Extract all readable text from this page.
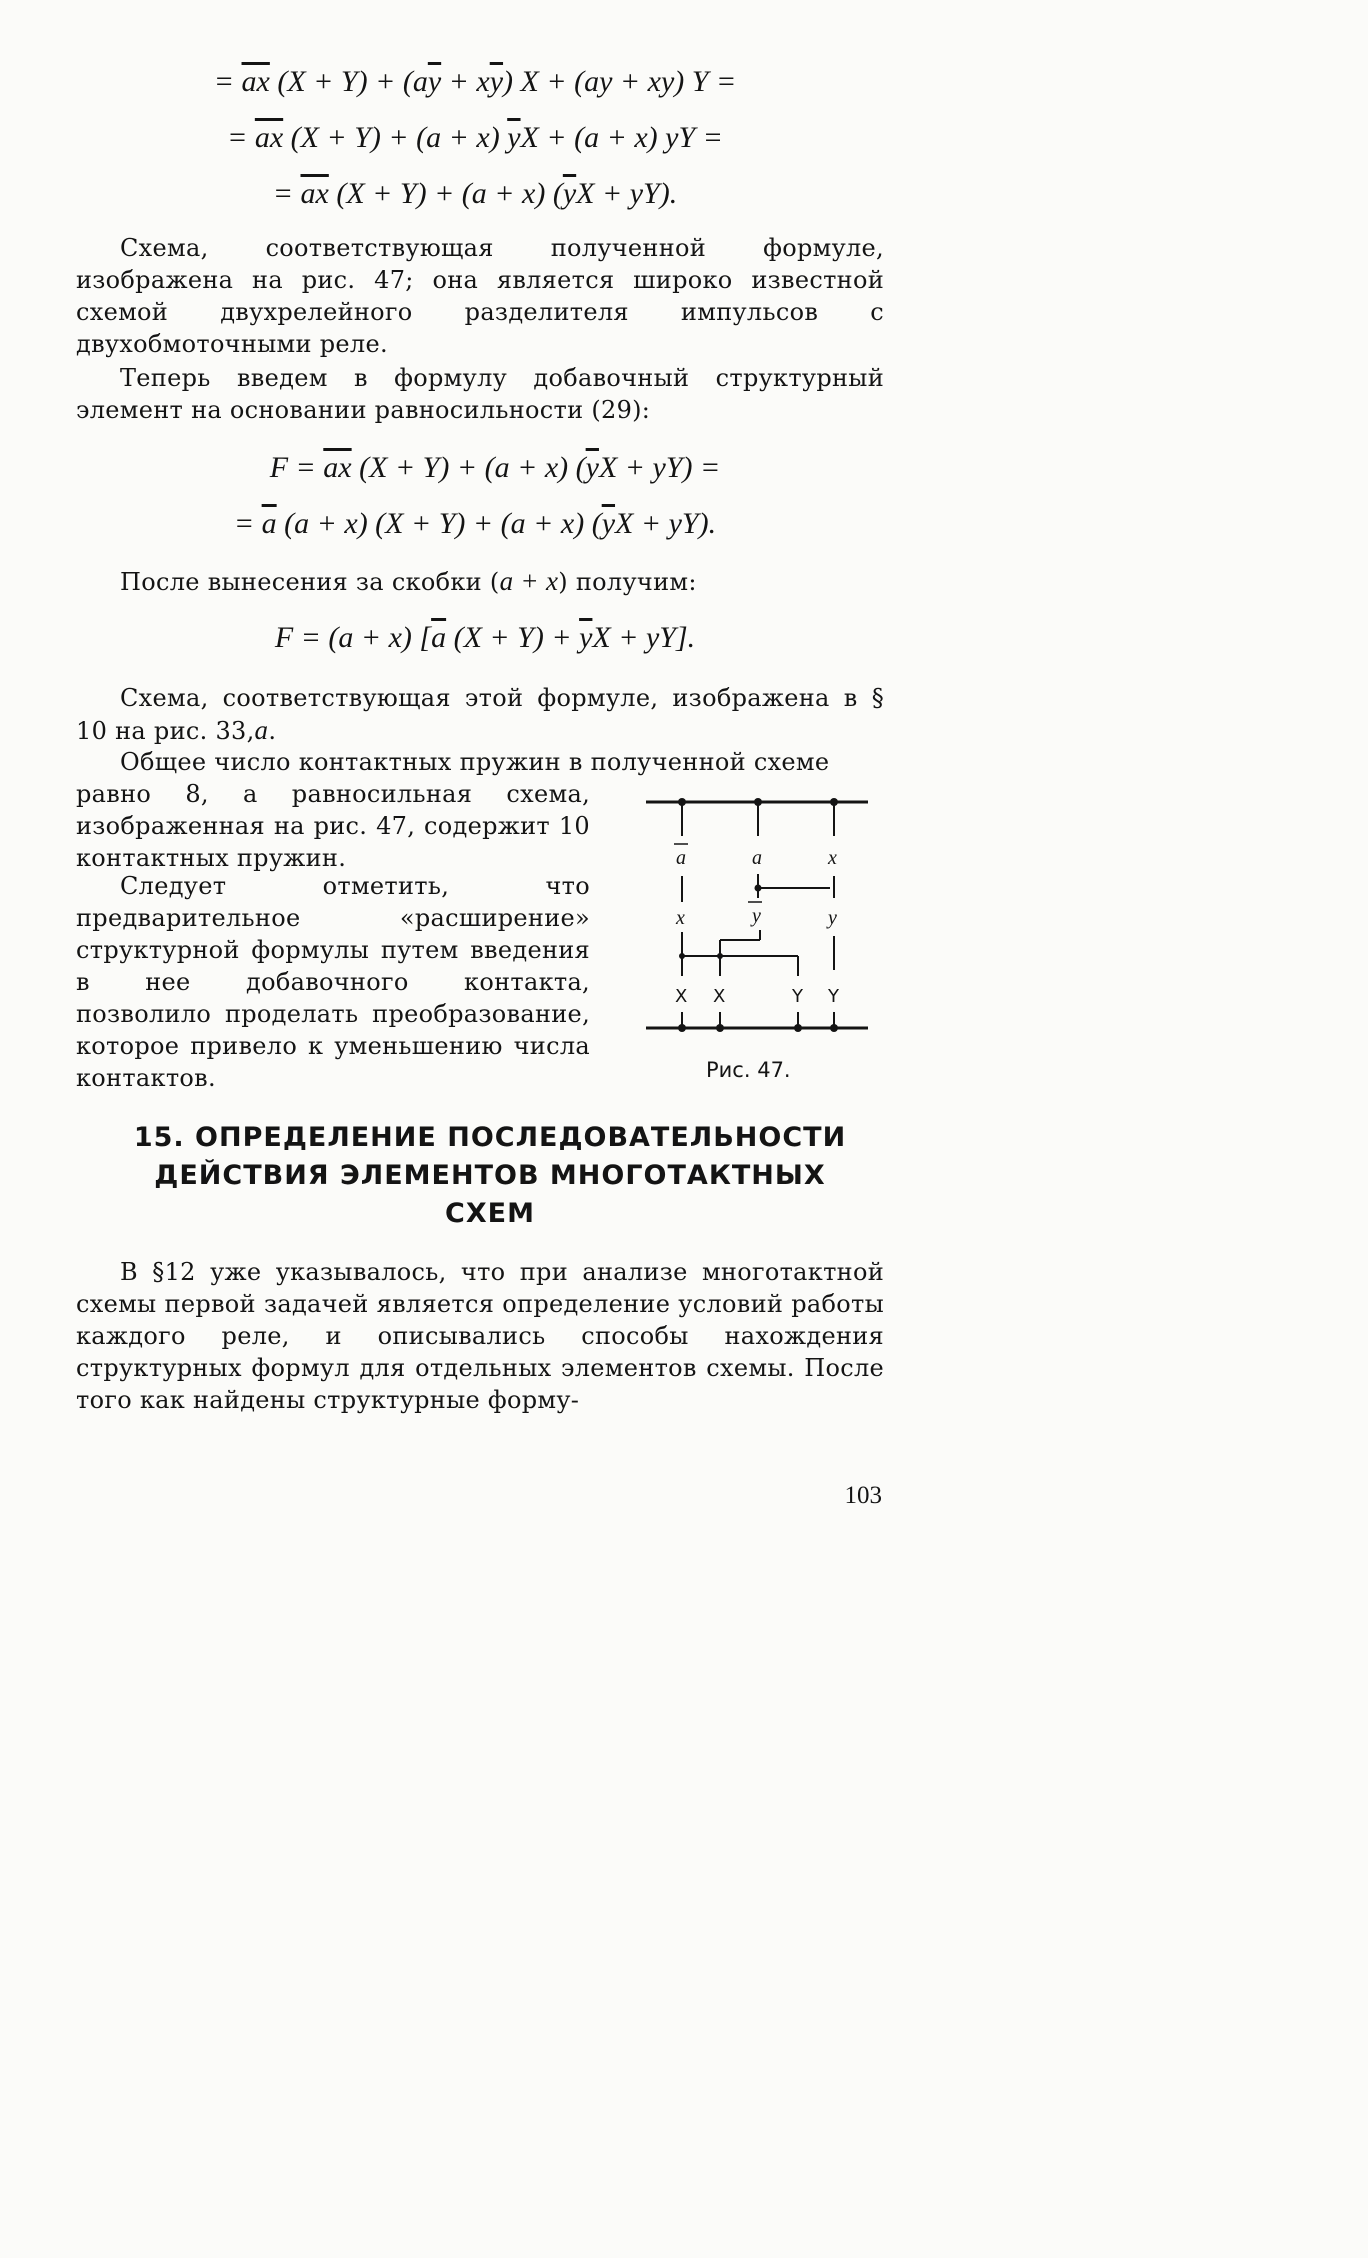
= $\overline{ax}$ $(X + Y) + (a\overline{y} + x\overline{y}) X + (ay + xy) Y$ =
= $\overline{ax}$ (X + Y) + (a + x) $\overline{y}X + (a + x)$ yY =
= $\overline{ax}$ (X + Y) + (a + x) $(\overline{y}X + yY)$.
Схема, соответствующая полученной формуле, изображена на рис. 47; она является широко известной схемой двухрелейного разделителя импульсов с двухобмоточными реле.
Теперь введем в формулу добавочный структурный элемент на основании равносильности (29):
$F = \overline{ax}$ (X + Y) + (a + x) $(\overline{y}X + yY)$ =
= $\overline{a}$ (a + x) (X + Y) + (a + x) $(\overline{y}X + yY)$.
После вынесения за скобки (a + x) получим:
F = (a + x) [$\overline{a}$ $(X + Y) + \overline{y}X + yY$].
Схема, соответствующая этой формуле, изображена в § 10 на рис. 33,a.
Общее число контактных пружин в полученной схеме
равно 8, а равносильная схема, изображенная на рис. 47, содержит 10 контактных пружин.
Следует отметить, что предварительное «расширение» структурной формулы путем введения в нее добавочного контакта, позволило проделать преобразование, которое привело к уменьшению числа контактов.
a	a	x
x	y	y
X X	Y Y
Рис. 47.
15. ОПРЕДЕЛЕНИЕ ПОСЛЕДОВАТЕЛЬНОСТИ
ДЕЙСТВИЯ ЭЛЕМЕНТОВ МНОГОТАКТНЫХ
СХЕМ
В §12 уже указывалось, что при анализе многотактной схемы первой задачей является определение условий работы каждого реле, и описывались способы нахождения структурных формул для отдельных элементов схемы. После того как найдены структурные форму-
103
